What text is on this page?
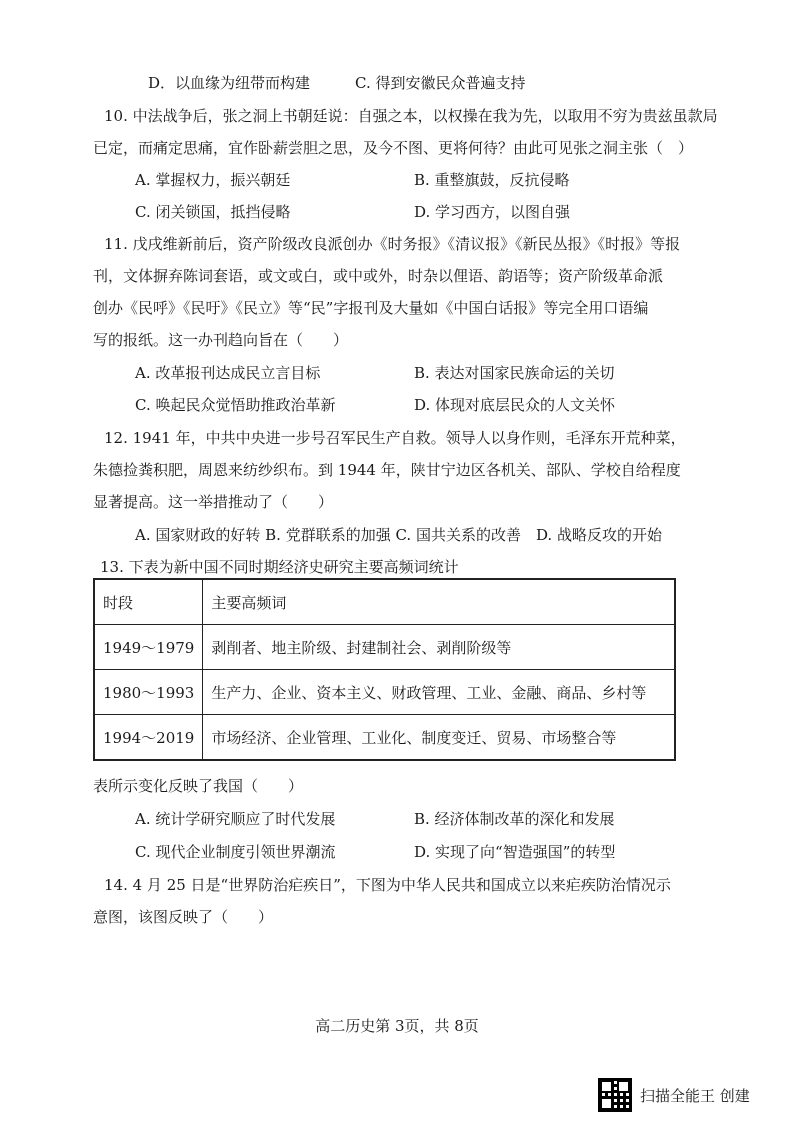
D．以血缘为纽带而构建	C. 得到安徽民众普遍支持
10. 中法战争后，张之洞上书朝廷说：自强之本，以权操在我为先，以取用不穷为贵兹虽款局
已定，而痛定思痛，宜作卧薪尝胆之思，及今不图、更将何待？由此可见张之洞主张（　）
A. 掌握权力，振兴朝廷	B. 重整旗鼓，反抗侵略
C. 闭关锁国，抵挡侵略	D. 学习西方，以图自强
11. 戊戌维新前后，资产阶级改良派创办《时务报》《清议报》《新民丛报》《时报》等报
刊，文体摒弃陈词套语，或文或白，或中或外，时杂以俚语、韵语等；资产阶级革命派
创办《民呼》《民吁》《民立》等“民”字报刊及大量如《中国白话报》等完全用口语编
写的报纸。这一办刊趋向旨在（　　）
A. 改革报刊达成民立言目标	B. 表达对国家民族命运的关切
C. 唤起民众觉悟助推政治革新	D. 体现对底层民众的人文关怀
12. 1941 年，中共中央进一步号召军民生产自救。领导人以身作则，毛泽东开荒种菜，
朱德捡粪积肥，周恩来纺纱织布。到 1944 年，陕甘宁边区各机关、部队、学校自给程度
显著提高。这一举措推动了（　　）
A. 国家财政的好转 B. 党群联系的加强 C. 国共关系的改善　D. 战略反攻的开始
13. 下表为新中国不同时期经济史研究主要高频词统计
时段	主要高频词
1949～1979	剥削者、地主阶级、封建制社会、剥削阶级等
1980～1993	生产力、企业、资本主义、财政管理、工业、金融、商品、乡村等
1994～2019	市场经济、企业管理、工业化、制度变迁、贸易、市场整合等
表所示变化反映了我国（　　）
A. 统计学研究顺应了时代发展	B. 经济体制改革的深化和发展
C. 现代企业制度引领世界潮流	D. 实现了向“智造强国”的转型
14. 4 月 25 日是“世界防治疟疾日”，下图为中华人民共和国成立以来疟疾防治情况示
意图，该图反映了（　　）
高二历史第 3页，共 8页
扫描全能王 创建
